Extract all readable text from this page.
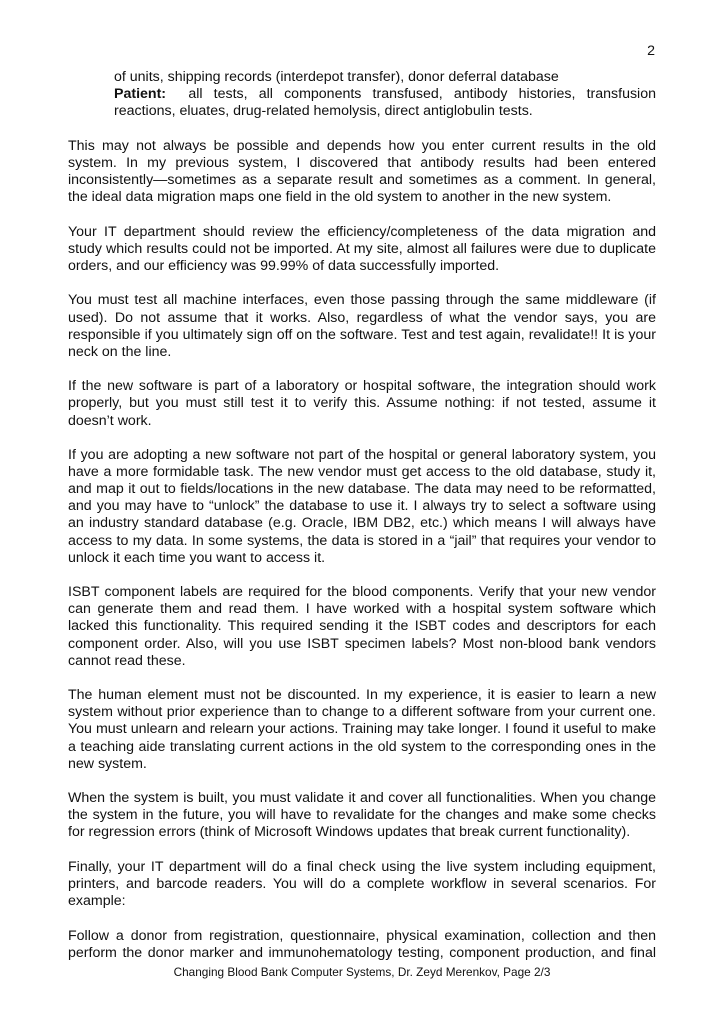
2

of units, shipping records (interdepot transfer), donor deferral database

Patient:  all tests, all components transfused, antibody histories, transfusion reactions, eluates, drug-related hemolysis, direct antiglobulin tests.

This may not always be possible and depends how you enter current results in the old system. In my previous system, I discovered that antibody results had been entered inconsistently—sometimes as a separate result and sometimes as a comment. In general, the ideal data migration maps one field in the old system to another in the new system.

Your IT department should review the efficiency/completeness of the data migration and study which results could not be imported. At my site, almost all failures were due to duplicate orders, and our efficiency was 99.99% of data successfully imported.

You must test all machine interfaces, even those passing through the same middleware (if used). Do not assume that it works. Also, regardless of what the vendor says, you are responsible if you ultimately sign off on the software. Test and test again, revalidate!! It is your neck on the line.

If the new software is part of a laboratory or hospital software, the integration should work properly, but you must still test it to verify this. Assume nothing: if not tested, assume it doesn’t work.

If you are adopting a new software not part of the hospital or general laboratory system, you have a more formidable task. The new vendor must get access to the old database, study it, and map it out to fields/locations in the new database. The data may need to be reformatted, and you may have to “unlock” the database to use it. I always try to select a software using an industry standard database (e.g. Oracle, IBM DB2, etc.) which means I will always have access to my data. In some systems, the data is stored in a “jail” that requires your vendor to unlock it each time you want to access it.

ISBT component labels are required for the blood components. Verify that your new vendor can generate them and read them. I have worked with a hospital system software which lacked this functionality. This required sending it the ISBT codes and descriptors for each component order. Also, will you use ISBT specimen labels? Most non-blood bank vendors cannot read these.

The human element must not be discounted. In my experience, it is easier to learn a new system without prior experience than to change to a different software from your current one. You must unlearn and relearn your actions. Training may take longer. I found it useful to make a teaching aide translating current actions in the old system to the corresponding ones in the new system.

When the system is built, you must validate it and cover all functionalities. When you change the system in the future, you will have to revalidate for the changes and make some checks for regression errors (think of Microsoft Windows updates that break current functionality).

Finally, your IT department will do a final check using the live system including equipment, printers, and barcode readers. You will do a complete workflow in several scenarios. For example:

Follow a donor from registration, questionnaire, physical examination, collection and then perform the donor marker and immunohematology testing, component production, and final

Changing Blood Bank Computer Systems, Dr. Zeyd Merenkov, Page 2/3
